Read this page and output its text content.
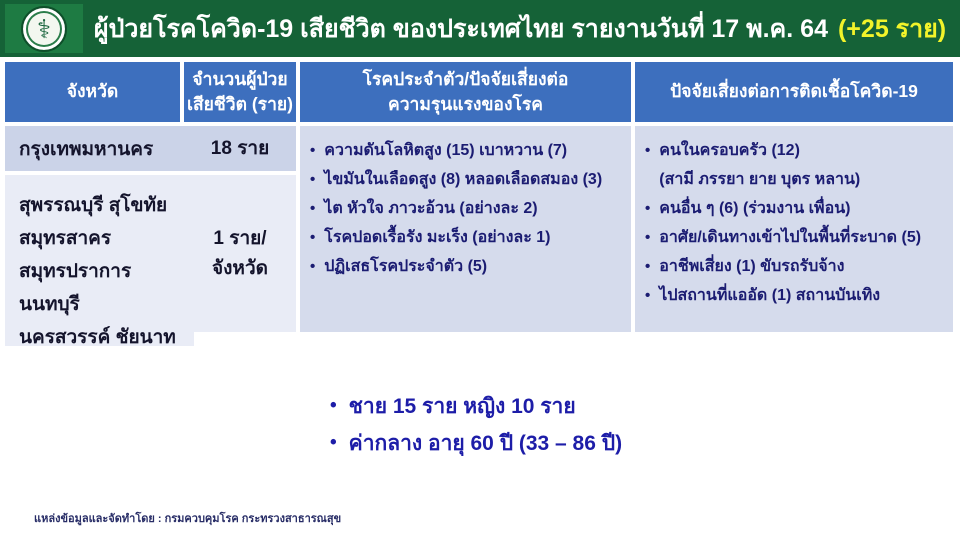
⚕ ผู้ป่วยโรคโควิด-19 เสียชีวิต ของประเทศไทย รายงานวันที่ 17 พ.ค. 64 (+25 ราย)
จังหวัด
จำนวนผู้ป่วย
เสียชีวิต (ราย)
โรคประจำตัว/ปัจจัยเสี่ยงต่อ
ความรุนแรงของโรค
ปัจจัยเสี่ยงต่อการติดเชื้อโควิด-19
กรุงเทพมหานคร	18 ราย
สุพรรณบุรี สุโขทัย
สมุทรสาคร
สมุทรปราการ นนทบุรี
นครสวรรค์ ชัยนาท
1 ราย/
จังหวัด
• ความดันโลหิตสูง (15) เบาหวาน (7)
• ไขมันในเลือดสูง (8) หลอดเลือดสมอง (3)
• ไต หัวใจ ภาวะอ้วน (อย่างละ 2)
• โรคปอดเรื้อรัง มะเร็ง (อย่างละ 1)
• ปฏิเสธโรคประจำตัว (5)
• คนในครอบครัว (12)
(สามี ภรรยา ยาย บุตร หลาน)
• คนอื่น ๆ (6) (ร่วมงาน เพื่อน)
• อาศัย/เดินทางเข้าไปในพื้นที่ระบาด (5)
• อาชีพเสี่ยง (1) ขับรถรับจ้าง
• ไปสถานที่แออัด (1) สถานบันเทิง
• ชาย 15 ราย หญิง 10 ราย
• ค่ากลาง อายุ 60 ปี (33 – 86 ปี)
แหล่งข้อมูลและจัดทำโดย : กรมควบคุมโรค กระทรวงสาธารณสุข
